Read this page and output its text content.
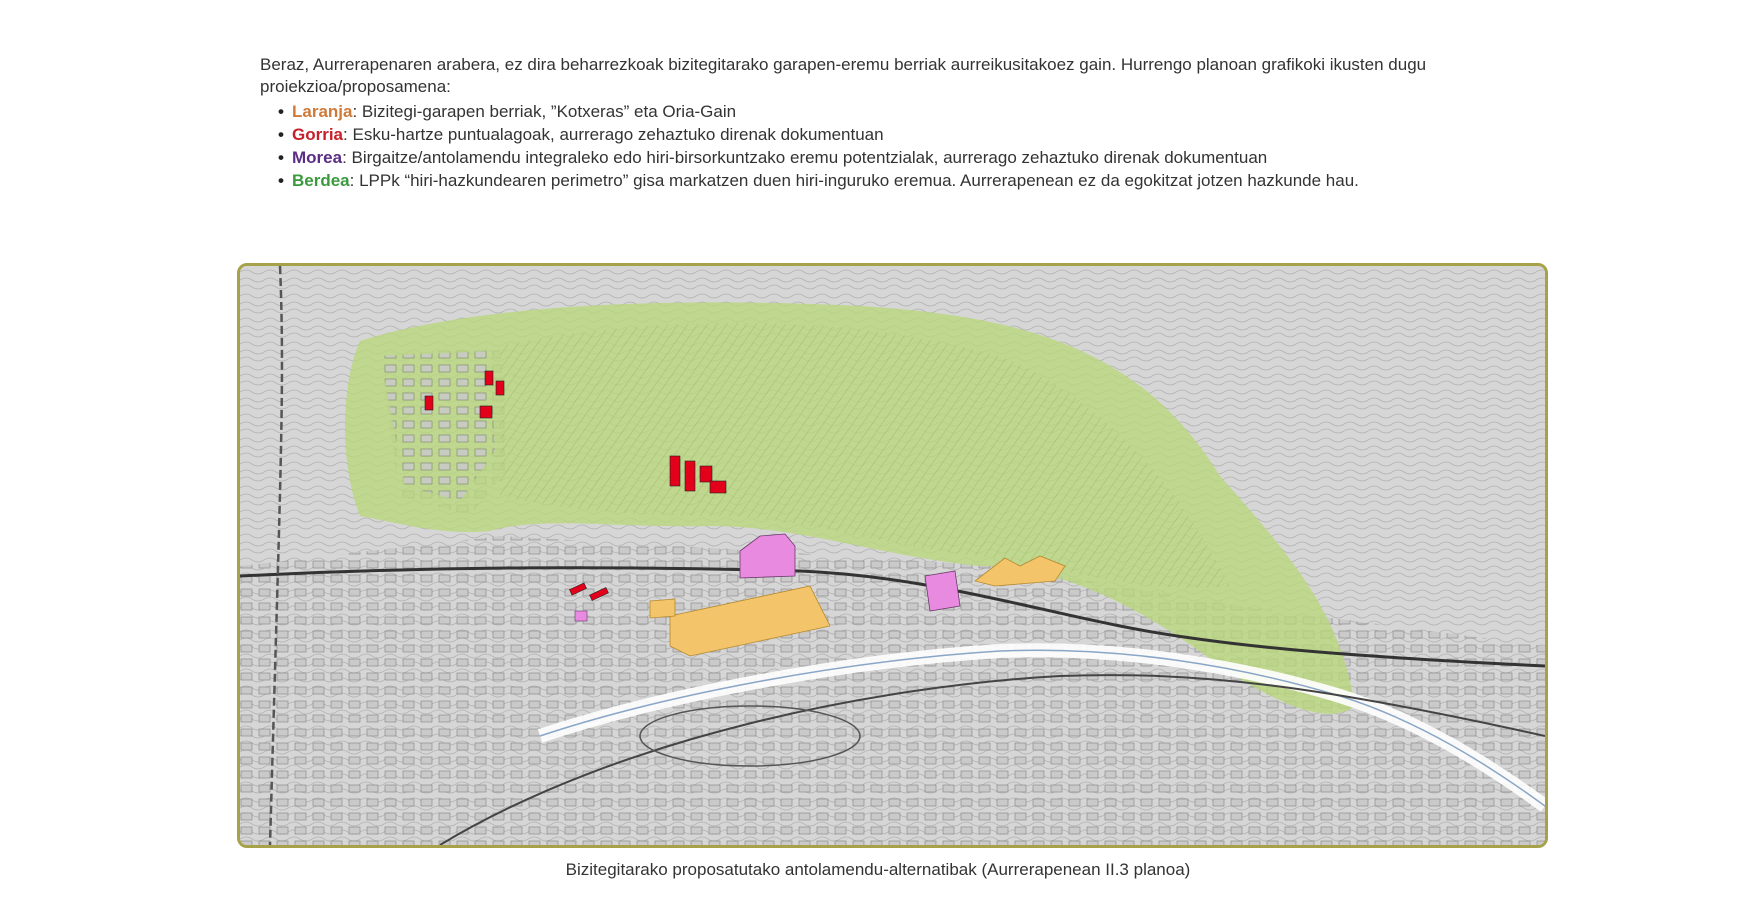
Beraz, Aurrerapenaren arabera, ez dira beharrezkoak bizitegitarako garapen-eremu berriak aurreikusitakoez gain. Hurrengo planoan grafikoki ikusten dugu proiekzioa/proposamena:

• Laranja: Bizitegi-garapen berriak, ”Kotxeras” eta Oria-Gain
• Gorria: Esku-hartze puntualagoak, aurrerago zehaztuko direnak dokumentuan
• Morea: Birgaitze/antolamendu integraleko edo hiri-birsorkuntzako eremu potentzialak, aurrerago zehaztuko direnak dokumentuan
• Berdea: LPPk “hiri-hazkundearen perimetro” gisa markatzen duen hiri-inguruko eremua. Aurrerapenean ez da egokitzat jotzen hazkunde hau.
Bizitegitarako proposatutako antolamendu-alternatibak (Aurrerapenean II.3 planoa)
